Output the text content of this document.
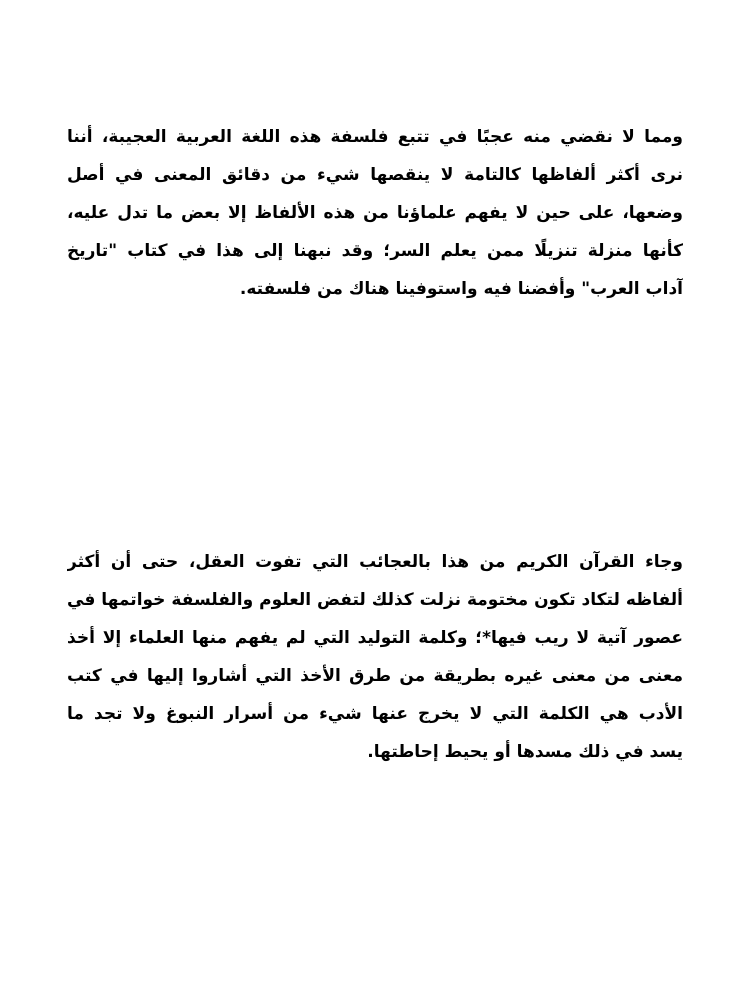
ومما لا نقضي منه عجبًا في تتبع فلسفة هذه اللغة العربية العجيبة، أننا
نرى أكثر ألفاظها كالتامة لا ينقصها شيء من دقائق المعنى في أصل
وضعها، على حين لا يفهم علماؤنا من هذه الألفاظ إلا بعض ما تدل عليه،
كأنها منزلة تنزيلًا ممن يعلم السر؛ وقد نبهنا إلى هذا في كتاب "تاريخ
آداب العرب" وأفضنا فيه واستوفينا هناك من فلسفته.
وجاء القرآن الكريم من هذا بالعجائب التي تفوت العقل، حتى أن أكثر
ألفاظه لتكاد تكون مختومة نزلت كذلك لتفض العلوم والفلسفة خواتمها في
عصور آتية لا ريب فيها*؛ وكلمة التوليد التي لم يفهم منها العلماء إلا أخذ
معنى من معنى غيره بطريقة من طرق الأخذ التي أشاروا إليها في كتب
الأدب هي الكلمة التي لا يخرج عنها شيء من أسرار النبوغ ولا تجد ما
يسد في ذلك مسدها أو يحيط إحاطتها.
